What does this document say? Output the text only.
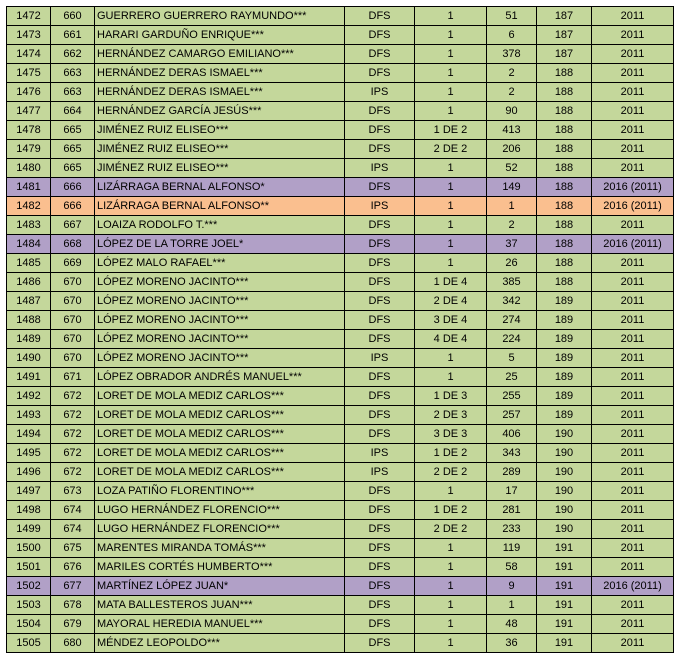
1472	660	GUERRERO GUERRERO RAYMUNDO***	DFS	1	51	187	2011
1473	661	HARARI GARDUÑO ENRIQUE***	DFS	1	6	187	2011
1474	662	HERNÁNDEZ CAMARGO EMILIANO***	DFS	1	378	187	2011
1475	663	HERNÁNDEZ DERAS ISMAEL***	DFS	1	2	188	2011
1476	663	HERNÁNDEZ DERAS ISMAEL***	IPS	1	2	188	2011
1477	664	HERNÁNDEZ GARCÍA JESÚS***	DFS	1	90	188	2011
1478	665	JIMÉNEZ RUIZ ELISEO***	DFS	1 DE 2	413	188	2011
1479	665	JIMÉNEZ RUIZ ELISEO***	DFS	2 DE 2	206	188	2011
1480	665	JIMÉNEZ RUIZ ELISEO***	IPS	1	52	188	2011
1481	666	LIZÁRRAGA BERNAL ALFONSO*	DFS	1	149	188	2016 (2011)
1482	666	LIZÁRRAGA BERNAL ALFONSO**	IPS	1	1	188	2016 (2011)
1483	667	LOAIZA RODOLFO T.***	DFS	1	2	188	2011
1484	668	LÓPEZ DE LA TORRE JOEL*	DFS	1	37	188	2016 (2011)
1485	669	LÓPEZ MALO RAFAEL***	DFS	1	26	188	2011
1486	670	LÓPEZ MORENO JACINTO***	DFS	1 DE 4	385	188	2011
1487	670	LÓPEZ MORENO JACINTO***	DFS	2 DE 4	342	189	2011
1488	670	LÓPEZ MORENO JACINTO***	DFS	3 DE 4	274	189	2011
1489	670	LÓPEZ MORENO JACINTO***	DFS	4 DE 4	224	189	2011
1490	670	LÓPEZ MORENO JACINTO***	IPS	1	5	189	2011
1491	671	LÓPEZ OBRADOR ANDRÉS MANUEL***	DFS	1	25	189	2011
1492	672	LORET DE MOLA MEDIZ CARLOS***	DFS	1 DE 3	255	189	2011
1493	672	LORET DE MOLA MEDIZ CARLOS***	DFS	2 DE 3	257	189	2011
1494	672	LORET DE MOLA MEDIZ CARLOS***	DFS	3 DE 3	406	190	2011
1495	672	LORET DE MOLA MEDIZ CARLOS***	IPS	1 DE 2	343	190	2011
1496	672	LORET DE MOLA MEDIZ CARLOS***	IPS	2 DE 2	289	190	2011
1497	673	LOZA PATIÑO FLORENTINO***	DFS	1	17	190	2011
1498	674	LUGO HERNÁNDEZ FLORENCIO***	DFS	1 DE 2	281	190	2011
1499	674	LUGO HERNÁNDEZ FLORENCIO***	DFS	2 DE 2	233	190	2011
1500	675	MARENTES MIRANDA TOMÁS***	DFS	1	119	191	2011
1501	676	MARILES CORTÉS HUMBERTO***	DFS	1	58	191	2011
1502	677	MARTÍNEZ LÓPEZ JUAN*	DFS	1	9	191	2016 (2011)
1503	678	MATA BALLESTEROS JUAN***	DFS	1	1	191	2011
1504	679	MAYORAL HEREDIA MANUEL***	DFS	1	48	191	2011
1505	680	MÉNDEZ LEOPOLDO***	DFS	1	36	191	2011
